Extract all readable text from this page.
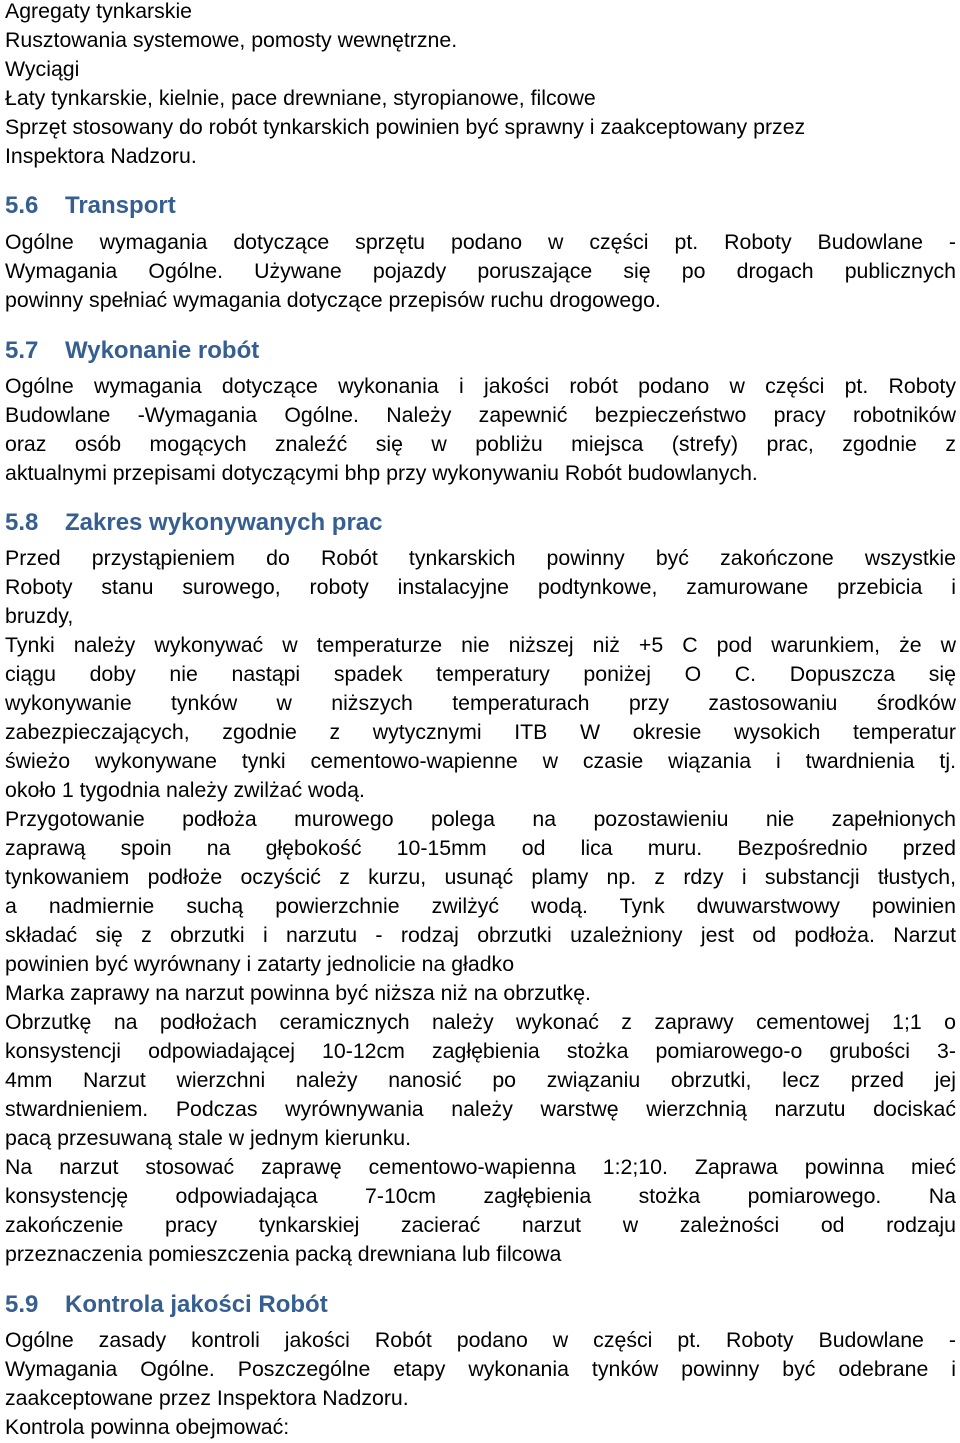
Agregaty tynkarskie

Rusztowania systemowe, pomosty wewnętrzne.

Wyciągi

Łaty tynkarskie, kielnie, pace drewniane, styropianowe, filcowe

Sprzęt stosowany do robót tynkarskich powinien być sprawny i zaakceptowany przez

Inspektora Nadzoru.

5.6 Transport

Ogólne wymagania dotyczące sprzętu podano w części pt. Roboty Budowlane -

Wymagania Ogólne. Używane pojazdy poruszające się po drogach publicznych

powinny spełniać wymagania dotyczące przepisów ruchu drogowego.

5.7 Wykonanie robót

Ogólne wymagania dotyczące wykonania i jakości robót podano w części pt. Roboty

Budowlane -Wymagania Ogólne. Należy zapewnić bezpieczeństwo pracy robotników

oraz osób mogących znaleźć się w pobliżu miejsca (strefy) prac, zgodnie z

aktualnymi przepisami dotyczącymi bhp przy wykonywaniu Robót budowlanych.

5.8 Zakres wykonywanych prac

Przed przystąpieniem do Robót tynkarskich powinny być zakończone wszystkie

Roboty stanu surowego, roboty instalacyjne podtynkowe, zamurowane przebicia i

bruzdy,

Tynki należy wykonywać w temperaturze nie niższej niż +5 C pod warunkiem, że w

ciągu doby nie nastąpi spadek temperatury poniżej O C. Dopuszcza się

wykonywanie tynków w niższych temperaturach przy zastosowaniu środków

zabezpieczających, zgodnie z wytycznymi ITB W okresie wysokich temperatur

świeżo wykonywane tynki cementowo-wapienne w czasie wiązania i twardnienia tj.

około 1 tygodnia należy zwilżać wodą.

Przygotowanie podłoża murowego polega na pozostawieniu nie zapełnionych

zaprawą spoin na głębokość 10-15mm od lica muru. Bezpośrednio przed

tynkowaniem podłoże oczyścić z kurzu, usunąć plamy np. z rdzy i substancji tłustych,

a nadmiernie suchą powierzchnie zwilżyć wodą. Tynk dwuwarstwowy powinien

składać się z obrzutki i narzutu - rodzaj obrzutki uzależniony jest od podłoża. Narzut

powinien być wyrównany i zatarty jednolicie na gładko

Marka zaprawy na narzut powinna być niższa niż na obrzutkę.

Obrzutkę na podłożach ceramicznych należy wykonać z zaprawy cementowej 1;1 o

konsystencji odpowiadającej 10-12cm zagłębienia stożka pomiarowego-o grubości 3-

4mm Narzut wierzchni należy nanosić po związaniu obrzutki, lecz przed jej

stwardnieniem. Podczas wyrównywania należy warstwę wierzchnią narzutu dociskać

pacą przesuwaną stale w jednym kierunku.

Na narzut stosować zaprawę cementowo-wapienna 1:2;10. Zaprawa powinna mieć

konsystencję odpowiadająca 7-10cm zagłębienia stożka pomiarowego. Na

zakończenie pracy tynkarskiej zacierać narzut w zależności od rodzaju

przeznaczenia pomieszczenia packą drewniana lub filcowa

5.9 Kontrola jakości Robót

Ogólne zasady kontroli jakości Robót podano w części pt. Roboty Budowlane -

Wymagania Ogólne. Poszczególne etapy wykonania tynków powinny być odebrane i

zaakceptowane przez Inspektora Nadzoru.

Kontrola powinna obejmować:
